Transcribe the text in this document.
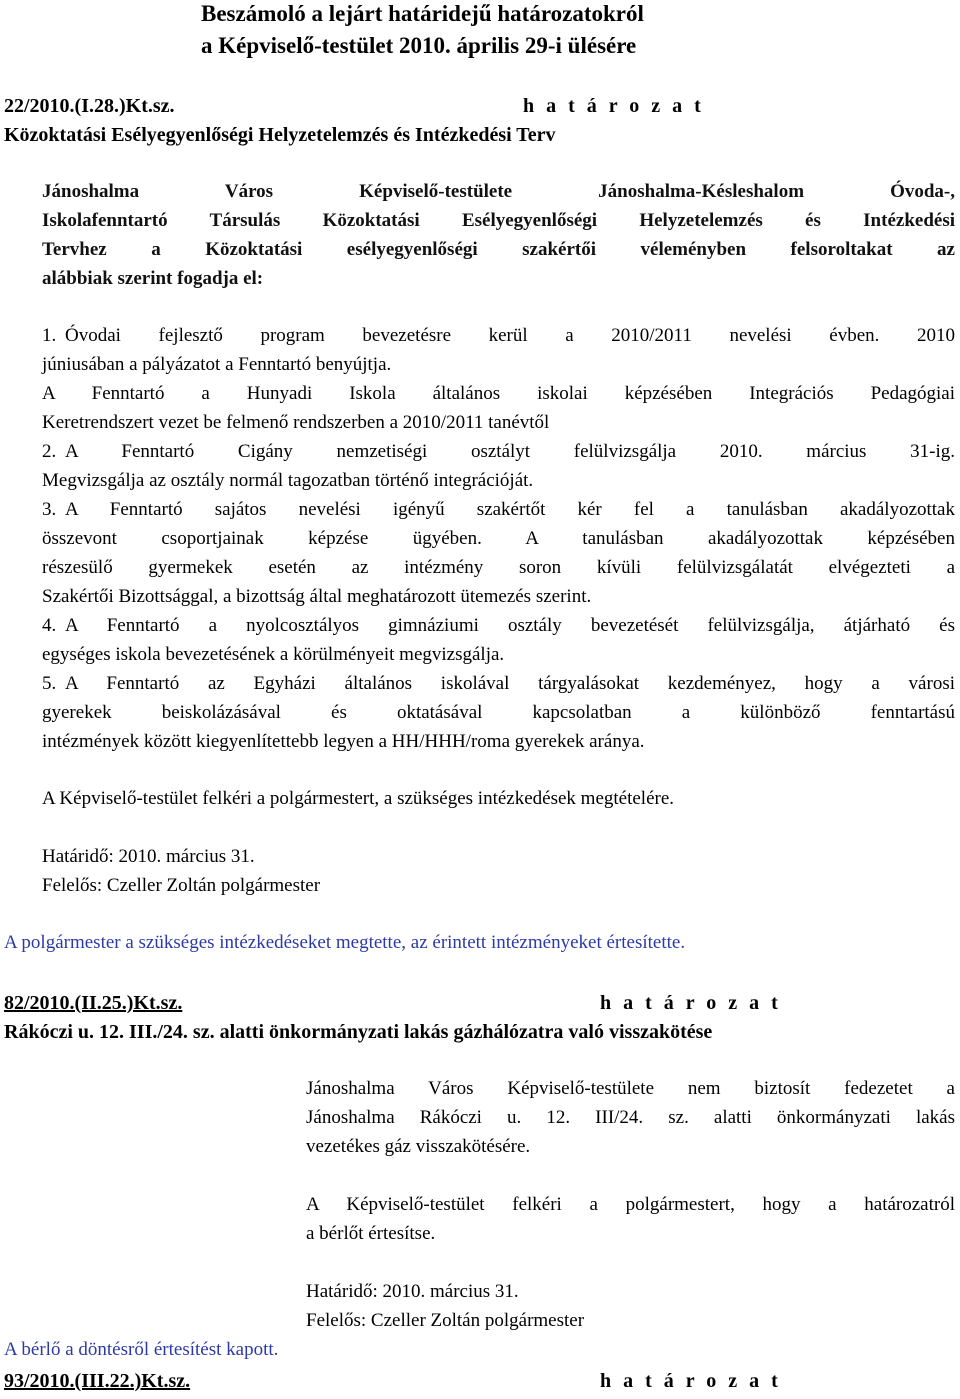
Beszámoló a lejárt határidejű határozatokról
a Képviselő-testület 2010. április 29-i ülésére
22/2010.(I.28.)Kt.sz.	h a t á r o z a t
Közoktatási Esélyegyenlőségi Helyzetelemzés és Intézkedési Terv
Jánoshalma Város Képviselő-testülete Jánoshalma-Késleshalom Óvoda-,
Iskolafenntartó Társulás Közoktatási Esélyegyenlőségi Helyzetelemzés és Intézkedési
Tervhez a Közoktatási esélyegyenlőségi szakértői véleményben felsoroltakat az
alábbiak szerint fogadja el:
1. Óvodai fejlesztő program bevezetésre kerül a 2010/2011 nevelési évben. 2010
júniusában a pályázatot a Fenntartó benyújtja.
A Fenntartó a Hunyadi Iskola általános iskolai képzésében Integrációs Pedagógiai
Keretrendszert vezet be felmenő rendszerben a 2010/2011 tanévtől
2. A Fenntartó Cigány nemzetiségi osztályt felülvizsgálja 2010. március 31-ig.
Megvizsgálja az osztály normál tagozatban történő integrációját.
3. A Fenntartó sajátos nevelési igényű szakértőt kér fel a tanulásban akadályozottak
összevont csoportjainak képzése ügyében. A tanulásban akadályozottak képzésében
részesülő gyermekek esetén az intézmény soron kívüli felülvizsgálatát elvégezteti a
Szakértői Bizottsággal, a bizottság által meghatározott ütemezés szerint.
4. A Fenntartó a nyolcosztályos gimnáziumi osztály bevezetését felülvizsgálja, átjárható és
egységes iskola bevezetésének a körülményeit megvizsgálja.
5. A Fenntartó az Egyházi általános iskolával tárgyalásokat kezdeményez, hogy a városi
gyerekek beiskolázásával és oktatásával kapcsolatban a különböző fenntartású
intézmények között kiegyenlítettebb legyen a HH/HHH/roma gyerekek aránya.
A Képviselő-testület felkéri a polgármestert, a szükséges intézkedések megtételére.
Határidő: 2010. március 31.
Felelős: Czeller Zoltán polgármester
A polgármester a szükséges intézkedéseket megtette, az érintett intézményeket értesítette.
82/2010.(II.25.)Kt.sz.	h a t á r o z a t
Rákóczi u. 12. III./24. sz. alatti önkormányzati lakás gázhálózatra való visszakötése
Jánoshalma Város Képviselő-testülete nem biztosít fedezetet a
Jánoshalma Rákóczi u. 12. III/24. sz. alatti önkormányzati lakás
vezetékes gáz visszakötésére.
A Képviselő-testület felkéri a polgármestert, hogy a határozatról
a bérlőt értesítse.
Határidő: 2010. március 31.
Felelős: Czeller Zoltán polgármester
A bérlő a döntésről értesítést kapott.
93/2010.(III.22.)Kt.sz.	h a t á r o z a t
